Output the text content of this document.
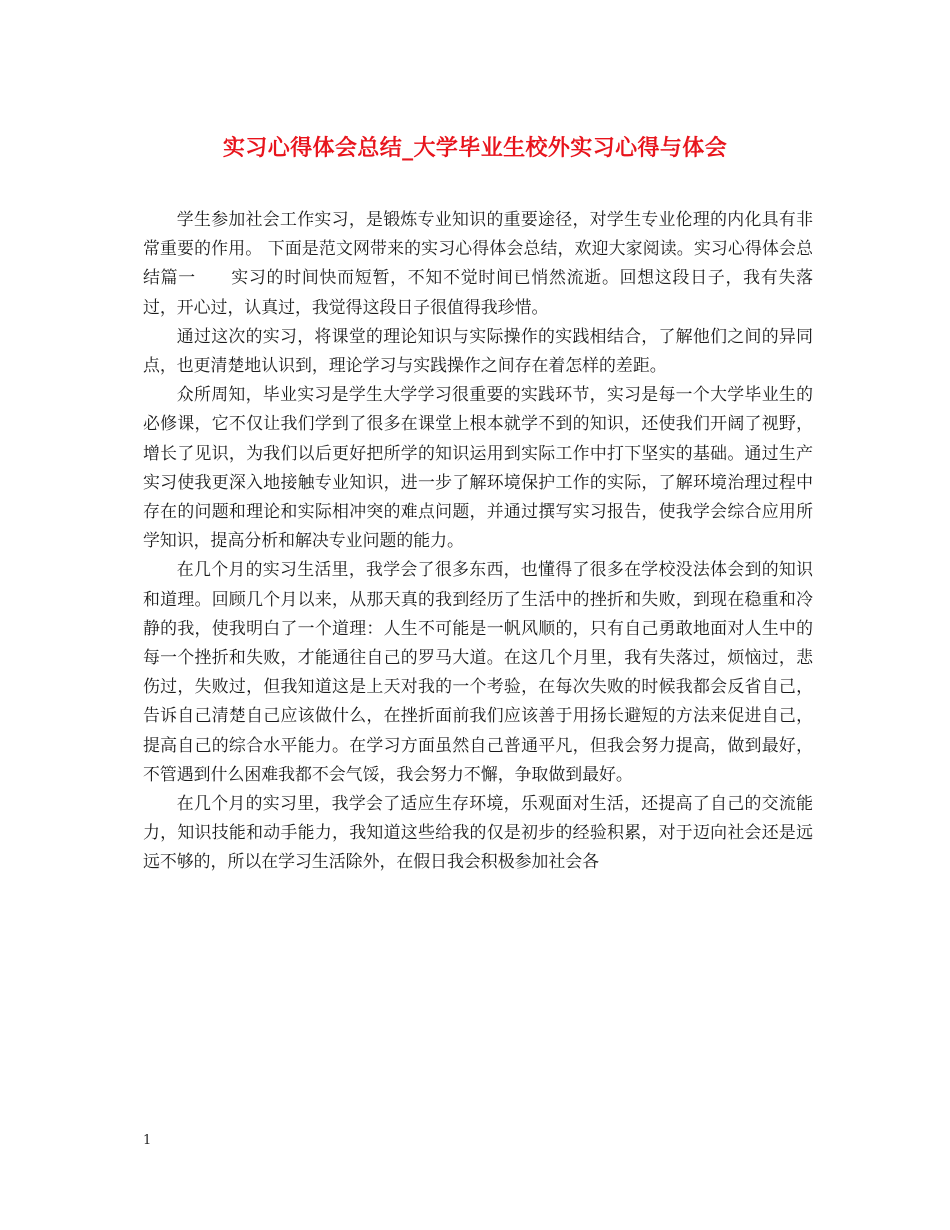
实习心得体会总结_大学毕业生校外实习心得与体会

学生参加社会工作实习，是锻炼专业知识的重要途径，对学生专业伦理的内化具有非常重要的作用。 下面是范文网带来的实习心得体会总结，欢迎大家阅读。实习心得体会总结篇一　　实习的时间快而短暂，不知不觉时间已悄然流逝。回想这段日子，我有失落过，开心过，认真过，我觉得这段日子很值得我珍惜。

通过这次的实习，将课堂的理论知识与实际操作的实践相结合，了解他们之间的异同点，也更清楚地认识到，理论学习与实践操作之间存在着怎样的差距。

众所周知，毕业实习是学生大学学习很重要的实践环节，实习是每一个大学毕业生的必修课，它不仅让我们学到了很多在课堂上根本就学不到的知识，还使我们开阔了视野，增长了见识，为我们以后更好把所学的知识运用到实际工作中打下坚实的基础。通过生产实习使我更深入地接触专业知识，进一步了解环境保护工作的实际，了解环境治理过程中存在的问题和理论和实际相冲突的难点问题，并通过撰写实习报告，使我学会综合应用所学知识，提高分析和解决专业问题的能力。

在几个月的实习生活里，我学会了很多东西，也懂得了很多在学校没法体会到的知识和道理。回顾几个月以来，从那天真的我到经历了生活中的挫折和失败，到现在稳重和冷静的我，使我明白了一个道理：人生不可能是一帆风顺的，只有自己勇敢地面对人生中的每一个挫折和失败，才能通往自己的罗马大道。在这几个月里，我有失落过，烦恼过，悲伤过，失败过，但我知道这是上天对我的一个考验，在每次失败的时候我都会反省自己，告诉自己清楚自己应该做什么，在挫折面前我们应该善于用扬长避短的方法来促进自己，提高自己的综合水平能力。在学习方面虽然自己普通平凡，但我会努力提高，做到最好，不管遇到什么困难我都不会气馁，我会努力不懈，争取做到最好。

在几个月的实习里，我学会了适应生存环境，乐观面对生活，还提高了自己的交流能力，知识技能和动手能力，我知道这些给我的仅是初步的经验积累，对于迈向社会还是远远不够的，所以在学习生活除外，在假日我会积极参加社会各

1
